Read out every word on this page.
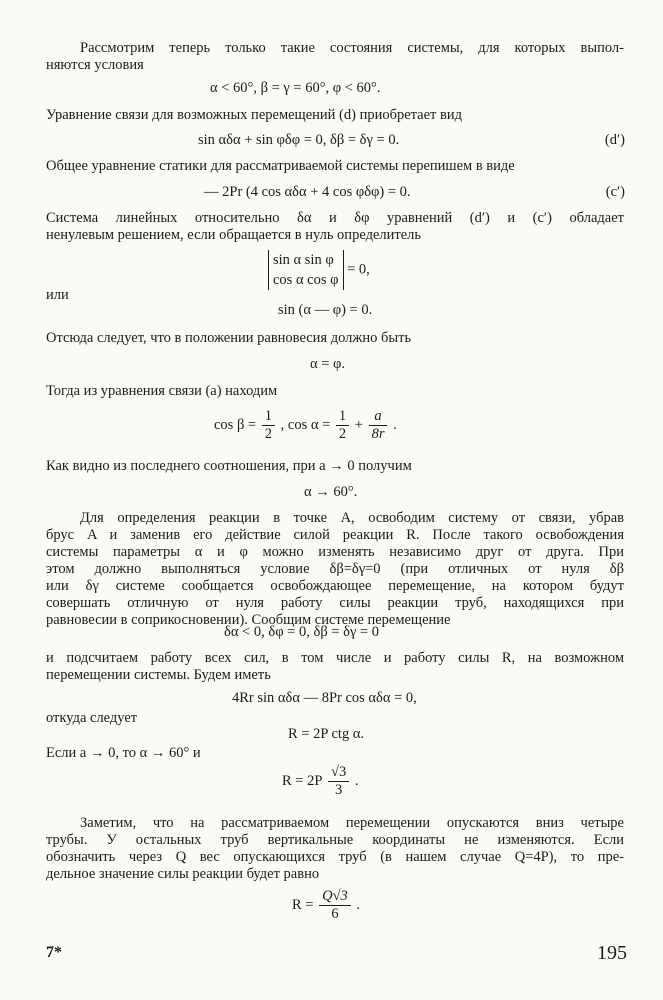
Рассмотрим теперь только такие состояния системы, для которых выпол-
няются условия
α < 60°, β = γ = 60°, φ < 60°.
Уравнение связи для возможных перемещений (d) приобретает вид
sin αδα + sin φδφ = 0, δβ = δγ = 0.	(d′)
Общее уравнение статики для рассматриваемой системы перепишем в виде
— 2Pr (4 cos αδα + 4 cos φδφ) = 0.	(c′)
Система линейных относительно δα и δφ уравнений (d′) и (c′) обладает
ненулевым решением, если обращается в нуль определитель
sin α sin φ
cos α cos φ
= 0,
или
sin (α — φ) = 0.
Отсюда следует, что в положении равновесия должно быть
α = φ.
Тогда из уравнения связи (а) находим
$\cos \beta = \frac{1}{2}$ , $\cos \alpha = \frac{1}{2} + \frac{a}{8r}$ .
Как видно из последнего соотношения, при a → 0 получим
α → 60°.
Для определения реакции в точке A, освободим систему от связи, убрав
брус A и заменив его действие силой реакции R. После такого освобождения
системы параметры α и φ можно изменять независимо друг от друга. При
этом должно выполняться условие δβ=δγ=0 (при отличных от нуля δβ
или δγ системе сообщается освобождающее перемещение, на котором будут
совершать отличную от нуля работу силы реакции труб, находящихся при
равновесии в соприкосновении). Сообщим системе перемещение
δα < 0, δφ = 0, δβ = δγ = 0
и подсчитаем работу всех сил, в том числе и работу силы R, на возможном
перемещении системы. Будем иметь
4Rr sin αδα — 8Pr cos αδα = 0,
откуда следует
R = 2P ctg α.
Если a → 0, то α → 60° и
$R = 2P \frac{√3}{3}$ .
Заметим, что на рассматриваемом перемещении опускаются вниз четыре
трубы. У остальных труб вертикальные координаты не изменяются. Если
обозначить через Q вес опускающихся труб (в нашем случае Q=4P), то пре-
дельное значение силы реакции будет равно
$R = \frac{Q√3}{6}$ .
7*	195
